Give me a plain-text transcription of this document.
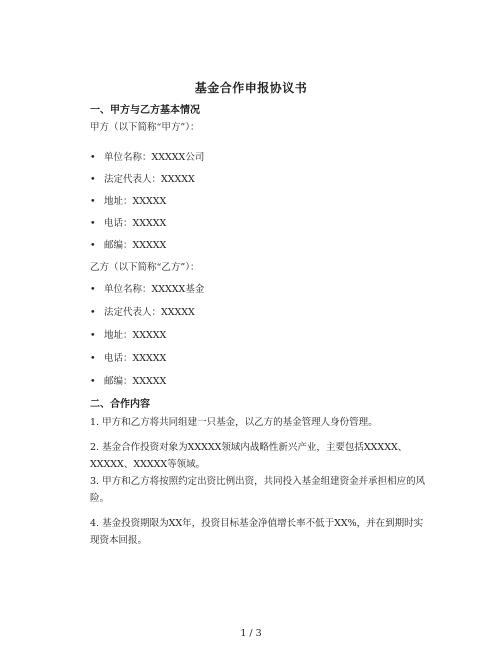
基金合作申报协议书
一、甲方与乙方基本情况
甲方（以下简称“甲方”）：
• 单位名称：XXXXX公司
• 法定代表人：XXXXX
• 地址：XXXXX
• 电话：XXXXX
• 邮编：XXXXX
乙方（以下简称“乙方”）：
• 单位名称：XXXXX基金
• 法定代表人：XXXXX
• 地址：XXXXX
• 电话：XXXXX
• 邮编：XXXXX
二、合作内容
1. 甲方和乙方将共同组建一只基金，以乙方的基金管理人身份管理。
2. 基金合作投资对象为XXXXX领域内战略性新兴产业，主要包括XXXXX、XXXXX、XXXXX等领域。
3. 甲方和乙方将按照约定出资比例出资，共同投入基金组建资金并承担相应的风险。
4. 基金投资期限为XX年，投资目标基金净值增长率不低于XX%，并在到期时实现资本回报。
1 / 3
